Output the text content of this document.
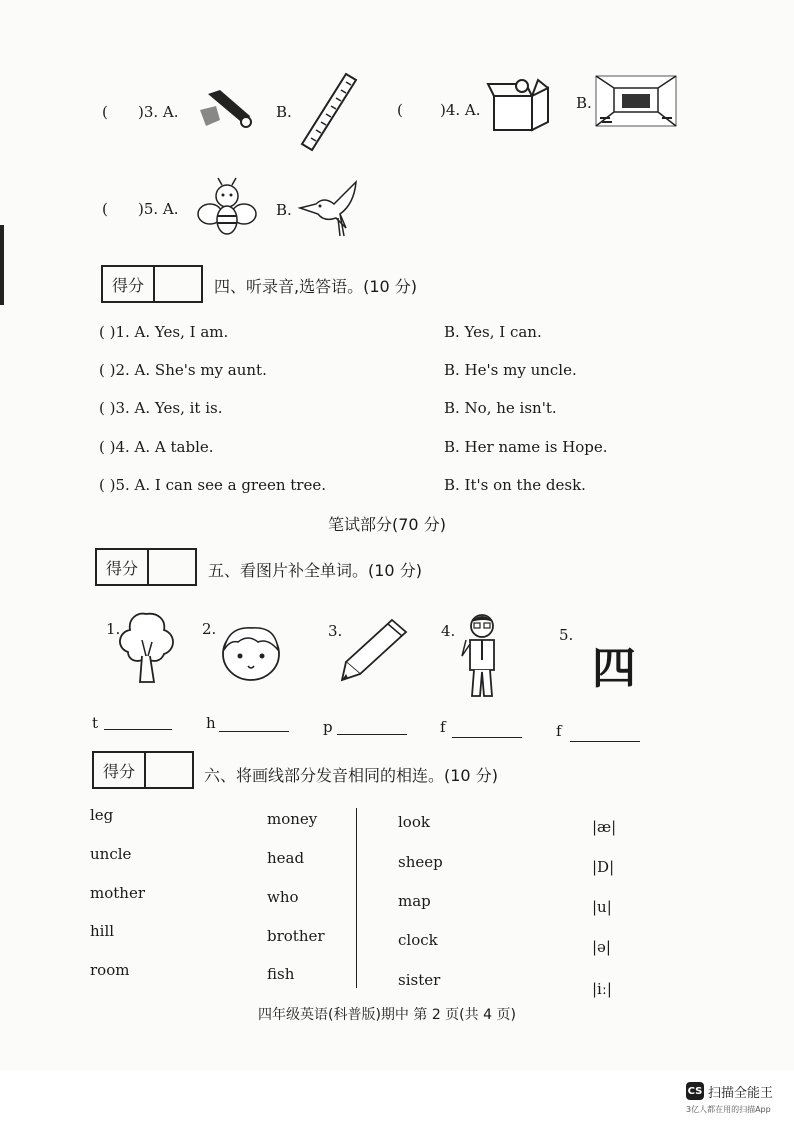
( )3. A.	B.	( )4. A.	B.
( )5. A.	B.
得分	四、听录音,选答语。(10 分)
( )1. A. Yes, I am.	B. Yes, I can.
( )2. A. She's my aunt.	B. He's my uncle.
( )3. A. Yes, it is.	B. No, he isn't.
( )4. A. A table.	B. Her name is Hope.
( )5. A. I can see a green tree.	B. It's on the desk.
笔试部分(70 分)
得分	五、看图片补全单词。(10 分)
1.	2.	3.	4.	5.
四
t	h	p	f	f
得分	六、将画线部分发音相同的相连。(10 分)
leg
uncle
mother
hill
room
money
head
who
brother
fish
look
sheep
map
clock
sister
|æ|
|D|
|u|
|ə|
|iː|
四年级英语(科普版)期中 第 2 页(共 4 页)
CS 扫描全能王
3亿人都在用的扫描App
